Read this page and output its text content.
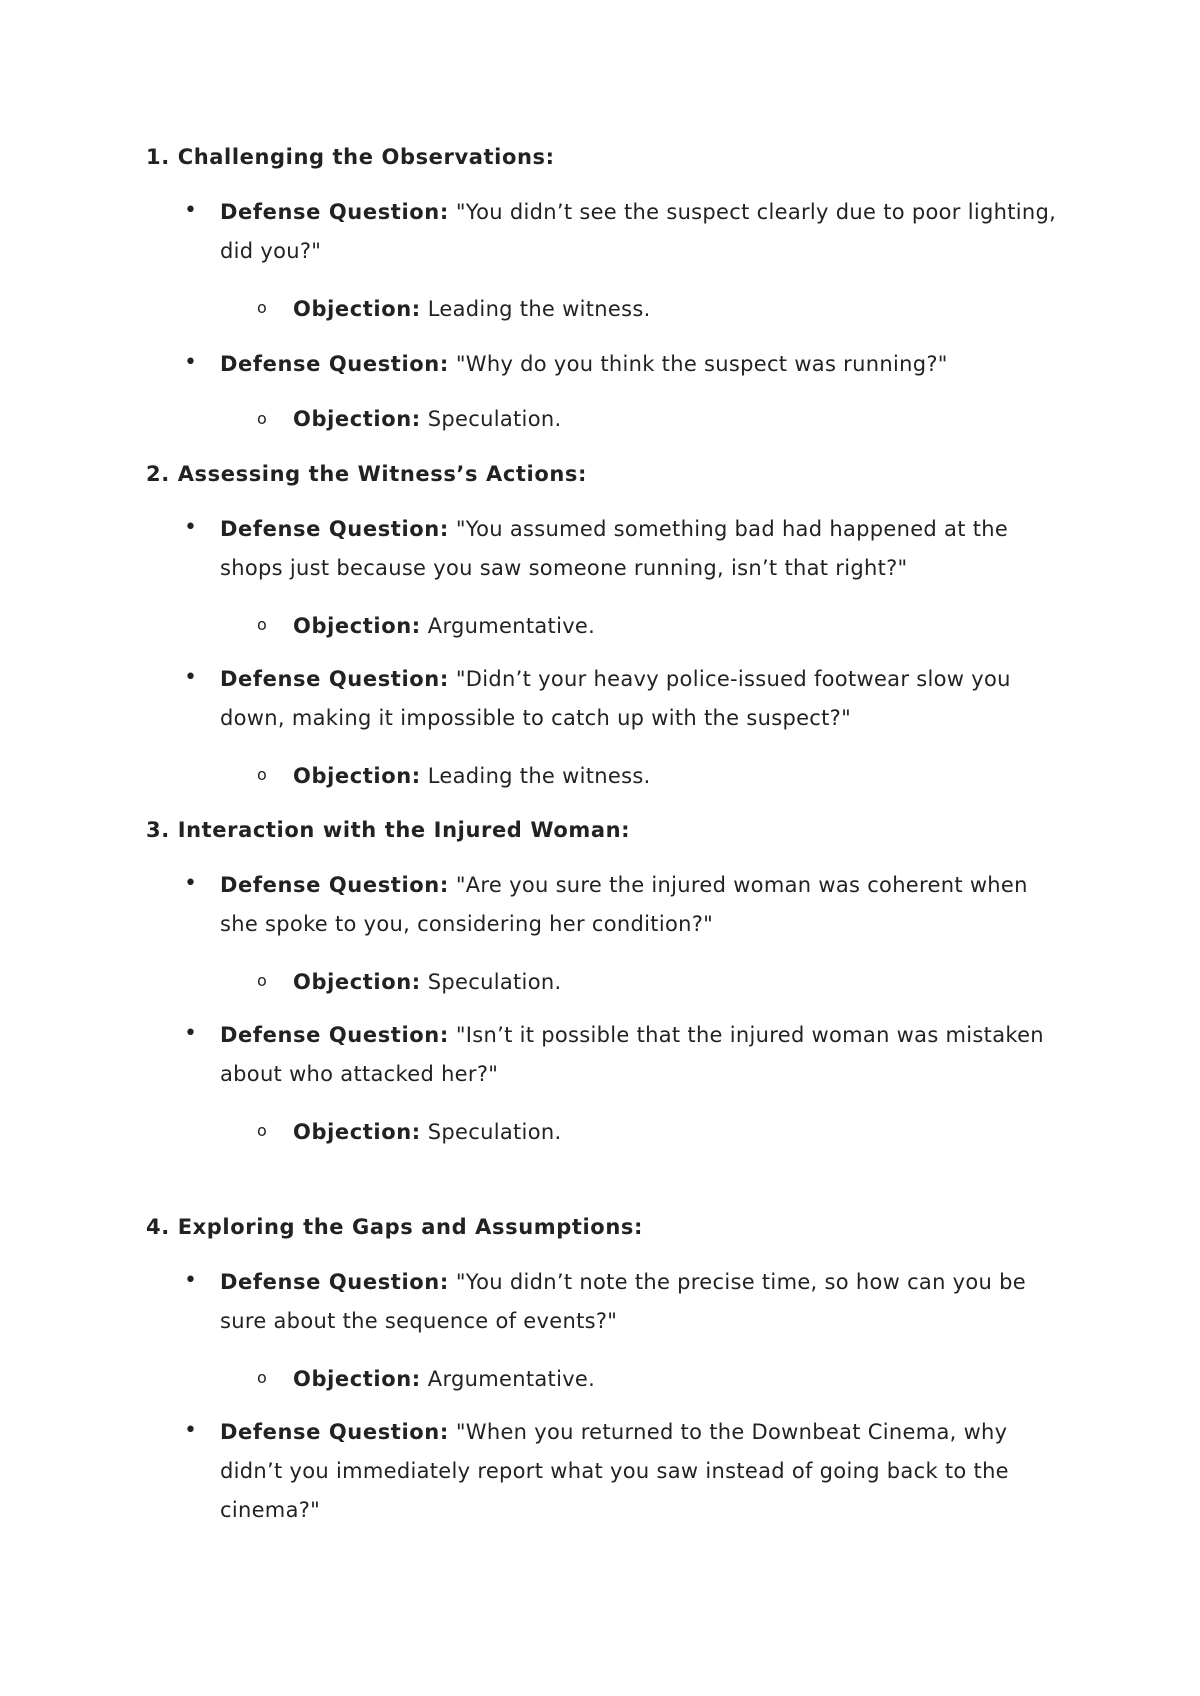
1. Challenging the Observations:
• Defense Question: "You didn’t see the suspect clearly due to poor lighting, did you?"
o Objection: Leading the witness.
• Defense Question: "Why do you think the suspect was running?"
o Objection: Speculation.
2. Assessing the Witness’s Actions:
• Defense Question: "You assumed something bad had happened at the shops just because you saw someone running, isn’t that right?"
o Objection: Argumentative.
• Defense Question: "Didn’t your heavy police-issued footwear slow you down, making it impossible to catch up with the suspect?"
o Objection: Leading the witness.
3. Interaction with the Injured Woman:
• Defense Question: "Are you sure the injured woman was coherent when she spoke to you, considering her condition?"
o Objection: Speculation.
• Defense Question: "Isn’t it possible that the injured woman was mistaken about who attacked her?"
o Objection: Speculation.
4. Exploring the Gaps and Assumptions:
• Defense Question: "You didn’t note the precise time, so how can you be sure about the sequence of events?"
o Objection: Argumentative.
• Defense Question: "When you returned to the Downbeat Cinema, why didn’t you immediately report what you saw instead of going back to the cinema?"
